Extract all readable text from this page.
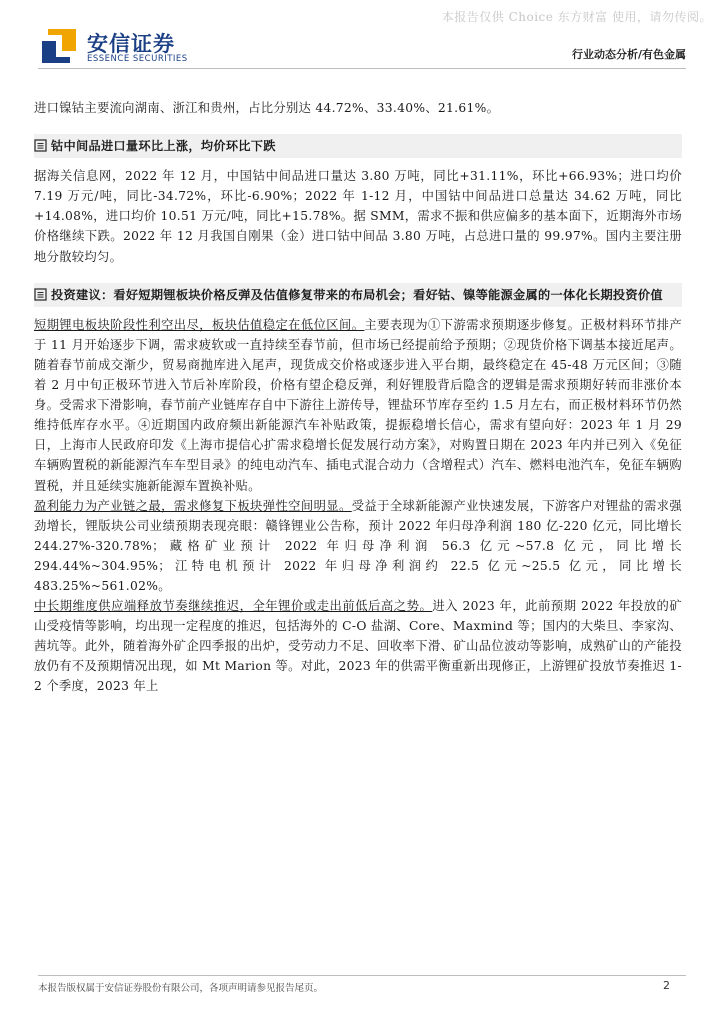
本报告仅供 Choice 东方财富 使用，请勿传阅。
安信证券
ESSENCE SECURITIES	行业动态分析/有色金属

进口镍钴主要流向湖南、浙江和贵州，占比分别达 44.72%、33.40%、21.61%。

钴中间品进口量环比上涨，均价环比下跌

据海关信息网，2022 年 12 月，中国钴中间品进口量达 3.80 万吨，同比+31.11%，环比+66.93%；进口均价 7.19 万元/吨，同比-34.72%，环比-6.90%；2022 年 1-12 月，中国钴中间品进口总量达 34.62 万吨，同比+14.08%，进口均价 10.51 万元/吨，同比+15.78%。据 SMM，需求不振和供应偏多的基本面下，近期海外市场价格继续下跌。2022 年 12 月我国自刚果（金）进口钴中间品 3.80 万吨，占总进口量的 99.97%。国内主要注册地分散较均匀。

投资建议：看好短期锂板块价格反弹及估值修复带来的布局机会；看好钴、镍等能源金属的一体化长期投资价值

短期锂电板块阶段性利空出尽，板块估值稳定在低位区间。主要表现为①下游需求预期逐步修复。正极材料环节排产于 11 月开始逐步下调，需求疲软或一直持续至春节前，但市场已经提前给予预期；②现货价格下调基本接近尾声。随着春节前成交渐少，贸易商抛库进入尾声，现货成交价格或逐步进入平台期，最终稳定在 45-48 万元区间；③随着 2 月中旬正极环节进入节后补库阶段，价格有望企稳反弹，利好锂股背后隐含的逻辑是需求预期好转而非涨价本身。受需求下滑影响，春节前产业链库存自中下游往上游传导，锂盐环节库存至约 1.5 月左右，而正极材料环节仍然维持低库存水平。④近期国内政府频出新能源汽车补贴政策，提振稳增长信心，需求有望向好：2023 年 1 月 29 日，上海市人民政府印发《上海市提信心扩需求稳增长促发展行动方案》，对购置日期在 2023 年内并已列入《免征车辆购置税的新能源汽车车型目录》的纯电动汽车、插电式混合动力（含增程式）汽车、燃料电池汽车，免征车辆购置税，并且延续实施新能源车置换补贴。

盈利能力为产业链之最，需求修复下板块弹性空间明显。受益于全球新能源产业快速发展，下游客户对锂盐的需求强劲增长，锂版块公司业绩预期表现亮眼：赣锋锂业公告称，预计 2022 年归母净利润 180 亿-220 亿元，同比增长 244.27%-320.78%；藏格矿业预计 2022 年归母净利润 56.3 亿元~57.8 亿元，同比增长 294.44%~304.95%；江特电机预计 2022 年归母净利润约 22.5 亿元~25.5 亿元，同比增长 483.25%~561.02%。

中长期维度供应端释放节奏继续推迟，全年锂价或走出前低后高之势。进入 2023 年，此前预期 2022 年投放的矿山受疫情等影响，均出现一定程度的推迟，包括海外的 C-O 盐湖、Core、Maxmind 等；国内的大柴旦、李家沟、茜坑等。此外，随着海外矿企四季报的出炉，受劳动力不足、回收率下滑、矿山品位波动等影响，成熟矿山的产能投放仍有不及预期情况出现，如 Mt Marion 等。对此，2023 年的供需平衡重新出现修正，上游锂矿投放节奏推迟 1-2 个季度，2023 年上

本报告版权属于安信证券股份有限公司，各项声明请参见报告尾页。	2
